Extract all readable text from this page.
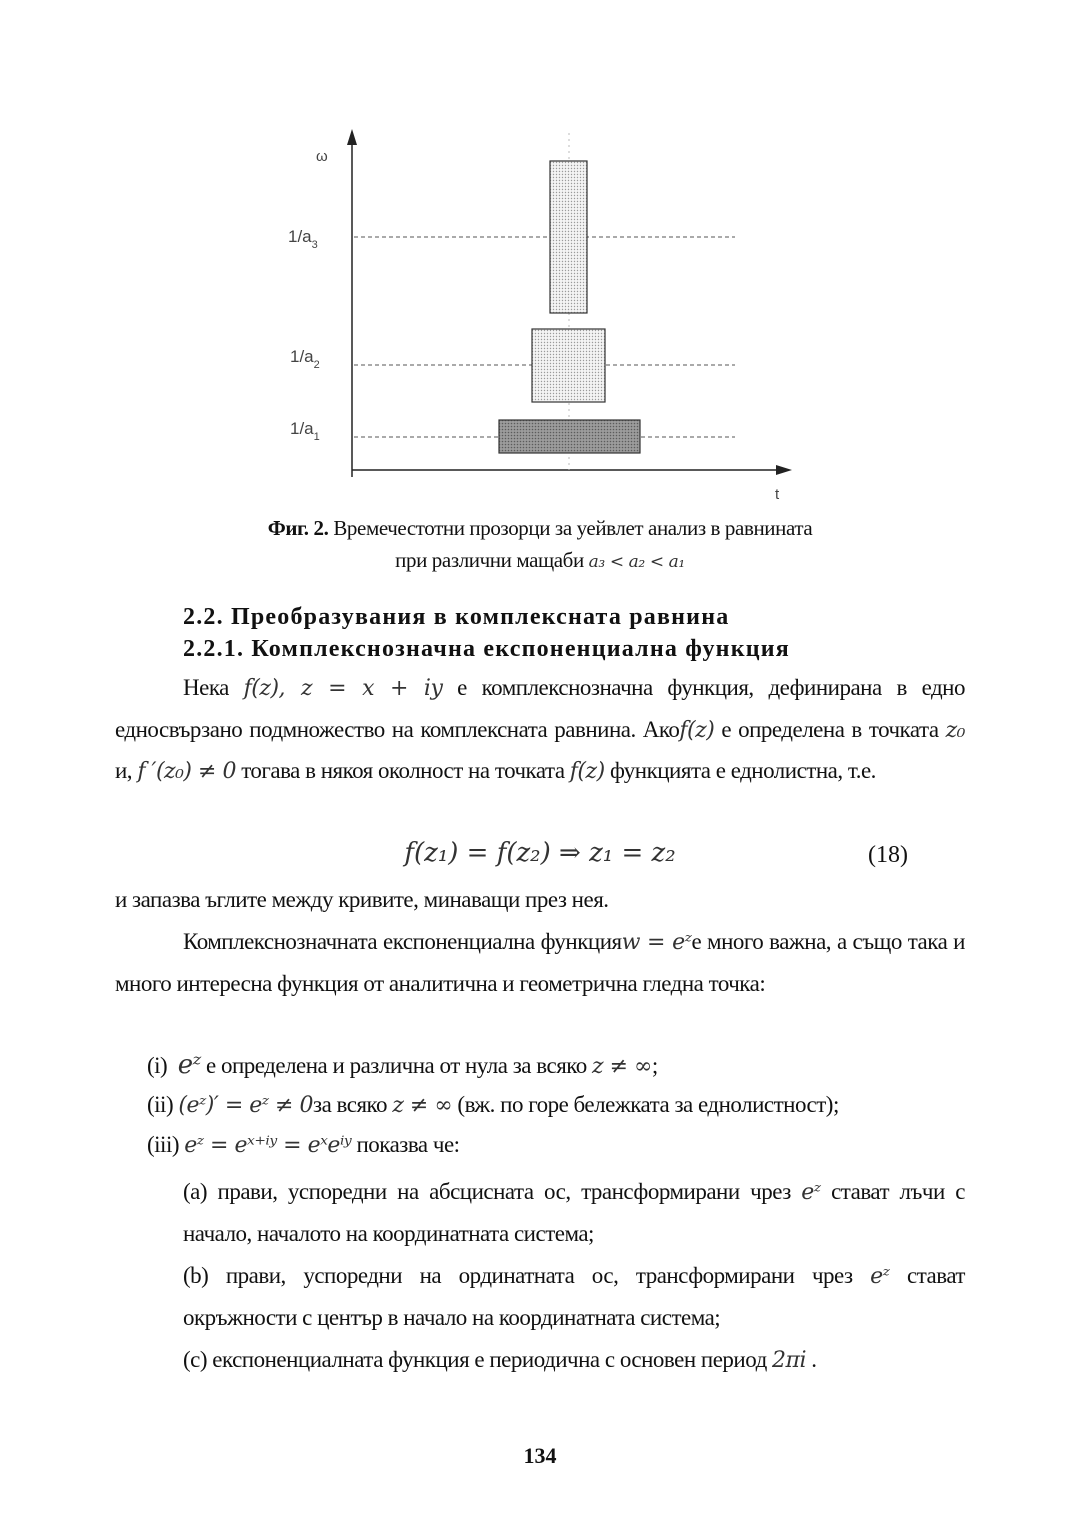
ω
t
$1/a_3$
$1/a_2$
$1/a_1$
Фиг. 2. Времечестотни прозорци за уейвлет анализ в равнината
при различни мащаби a₃ < a₂ < a₁
2.2. Преобразувания в комплексната равнина
2.2.1. Комплекснозначна експоненциална функция
Нека f(z), z = x + iy е комплекснозначна функция, дефинирана в едно едносвързано подмножество на комплексната равнина. Акоf(z) е определена в точката z₀ и, f ′(z₀) ≠ 0 тогава в някоя околност на точката f(z) функцията е еднолистна, т.е.
f(z₁) = f(z₂) ⇒ z₁ = z₂	(18)
и запазва ъглите между кривите, минаващи през нея.
Комплекснозначната експоненциална функцияw = eᶻе много важна, а също така и много интересна функция от аналитична и геометрична гледна точка:
(i) eᶻ е определена и различна от нула за всяко z ≠ ∞;
(ii) (eᶻ)′ = eᶻ ≠ 0за всяко z ≠ ∞ (вж. по горе бележката за еднолистност);
(iii) eᶻ = eˣ⁺ⁱʸ = eˣeⁱʸ показва че:
(a) прави, успоредни на абсцисната ос, трансформирани чрез eᶻ стават лъчи с начало, началото на координатната система;
(b) прави, успоредни на ординатната ос, трансформирани чрез eᶻ стават окръжности с център в начало на координатната система;
(c) експоненциалната функция е периодична с основен период 2πi .
134
